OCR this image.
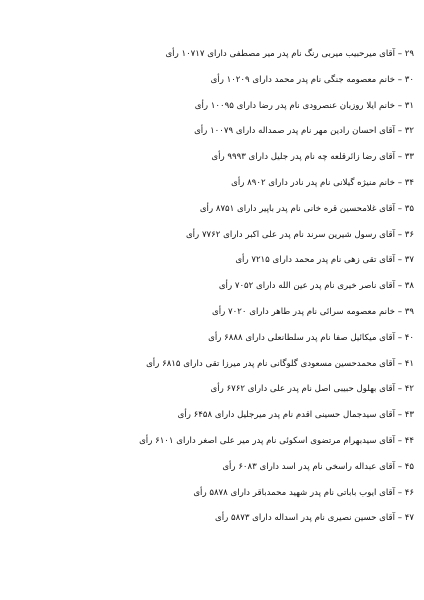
۲۹ – آقای میرحبیب میربی رنگ نام پدر میر مصطفی دارای ۱۰۷۱۷ رأی
۳۰ – خانم معصومه جنگی نام پدر محمد دارای ۱۰۲۰۹ رأی
۳۱ – خانم ایلا روزبان عنصرودی نام پدر رضا دارای ۱۰۰۹۵ رأی
۳۲ – آقای احسان رادین مهر نام پدر صمداله دارای ۱۰۰۷۹ رأی
۳۳ – آقای رضا زائرقلعه چه نام پدر جلیل دارای ۹۹۹۳ رأی
۳۴ – خانم منیژه گیلانی نام پدر نادر دارای ۸۹۰۲ رأی
۳۵ – آقای غلامحسین قره خانی نام پدر باپیر دارای ۸۷۵۱ رأی
۳۶ – آقای رسول شیرین سرند نام پدر علی اکبر دارای ۷۷۶۲ رأی
۳۷ – آقای تقی زهی نام پدر محمد دارای ۷۲۱۵ رأی
۳۸ – آقای ناصر خیری نام پدر عین الله دارای ۷۰۵۲ رأی
۳۹ – خانم معصومه سرائی نام پدر طاهر دارای ۷۰۲۰ رأی
۴۰ – آقای میکائیل صفا نام پدر سلطانعلی دارای ۶۸۸۸ رأی
۴۱ – آقای محمدحسین مسعودی گلوگانی نام پدر میرزا تقی دارای ۶۸۱۵ رأی
۴۲ – آقای بهلول حبیبی اصل نام پدر علی دارای ۶۷۶۲ رأی
۴۳ – آقای سیدجمال حسینی اقدم نام پدر میرجلیل دارای ۶۴۵۸ رأی
۴۴ – آقای سیدبهرام مرتضوی اسکوئی نام پدر میر علی اصغر دارای ۶۱۰۱ رأی
۴۵ – آقای عبداله راسخی نام پدر اسد دارای ۶۰۸۳ رأی
۴۶ – آقای ایوب باباتی نام پدر شهید محمدباقر دارای ۵۸۷۸ رأی
۴۷ – آقای حسین نصیری نام پدر اسداله دارای ۵۸۷۳ رأی
